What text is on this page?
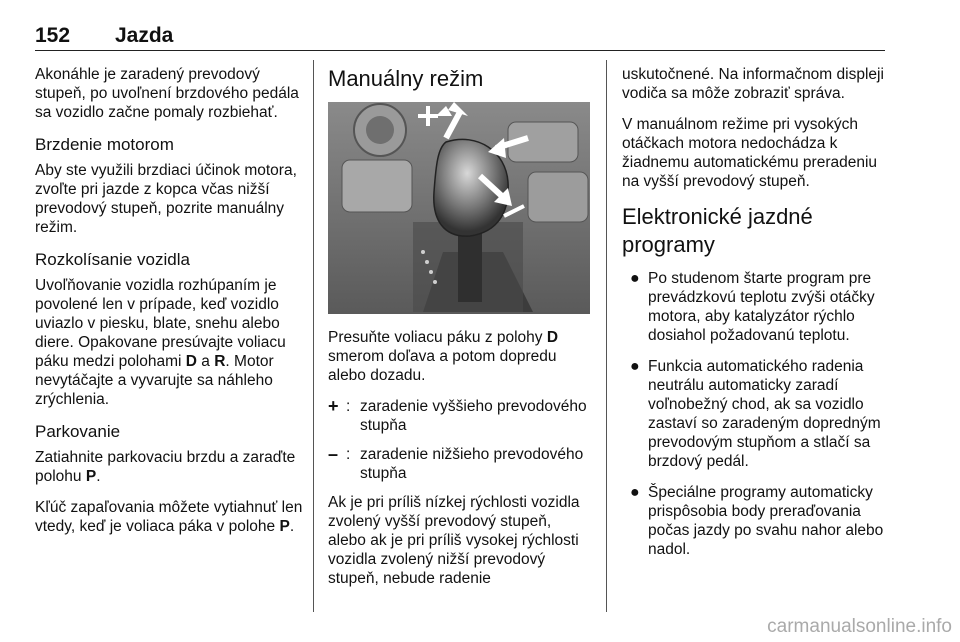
152 Jazda

Akonáhle je zaradený prevodový stupeň, po uvoľnení brzdového pedála sa vozidlo začne pomaly rozbiehať.

Brzdenie motorom

Aby ste využili brzdiaci účinok motora, zvoľte pri jazde z kopca včas nižší prevodový stupeň, pozrite manuálny režim.

Rozkolísanie vozidla

Uvoľňovanie vozidla rozhúpaním je povolené len v prípade, keď vozidlo uviazlo v piesku, blate, snehu alebo diere. Opakovane presúvajte voliacu páku medzi polohami D a R. Motor nevytáčajte a vyvarujte sa náhleho zrýchlenia.

Parkovanie

Zatiahnite parkovaciu brzdu a zaraďte polohu P.

Kľúč zapaľovania môžete vytiahnuť len vtedy, keď je voliaca páka v polohe P.

Manuálny režim

Presuňte voliacu páku z polohy D smerom doľava a potom dopredu alebo dozadu.

+ : zaradenie vyššieho prevodového stupňa
– : zaradenie nižšieho prevodového stupňa

Ak je pri príliš nízkej rýchlosti vozidla zvolený vyšší prevodový stupeň, alebo ak je pri príliš vysokej rýchlosti vozidla zvolený nižší prevodový stupeň, nebude radenie

uskutočnené. Na informačnom displeji vodiča sa môže zobraziť správa.

V manuálnom režime pri vysokých otáčkach motora nedochádza k žiadnemu automatickému preradeniu na vyšší prevodový stupeň.

Elektronické jazdné programy
● Po studenom štarte program pre prevádzkovú teplotu zvýši otáčky motora, aby katalyzátor rýchlo dosiahol požadovanú teplotu.
● Funkcia automatického radenia neutrálu automaticky zaradí voľnobežný chod, ak sa vozidlo zastaví so zaradeným dopredným prevodovým stupňom a stlačí sa brzdový pedál.
● Špeciálne programy automaticky prispôsobia body preraďovania počas jazdy po svahu nahor alebo nadol.
carmanualsonline.info
